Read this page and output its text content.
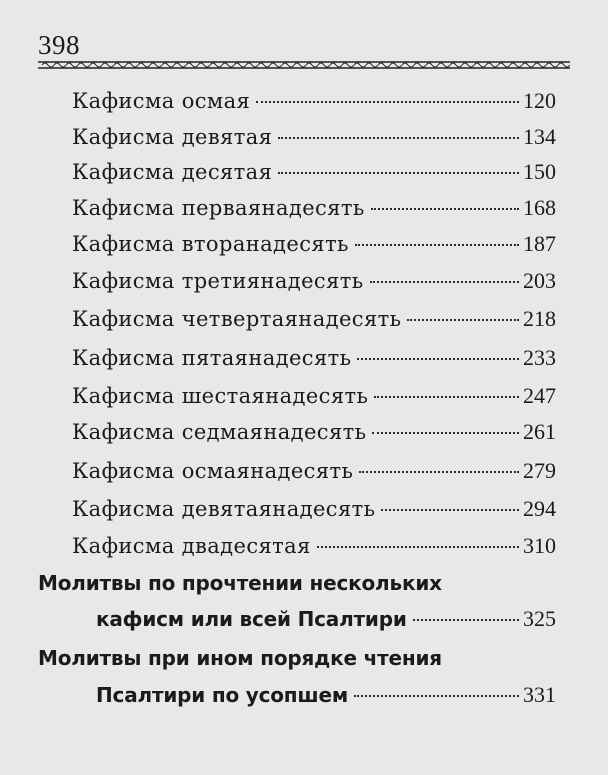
398
Кафисма осмая	120
Кафисма девятая	134
Кафисма десятая	150
Кафисма перваянадесять	168
Кафисма вторанадесять	187
Кафисма третиянадесять	203
Кафисма четвертаянадесять	218
Кафисма пятаянадесять	233
Кафисма шестаянадесять	247
Кафисма седмаянадесять	261
Кафисма осмаянадесять	279
Кафисма девятаянадесять	294
Кафисма двадесятая	310
Молитвы по прочтении нескольких
кафисм или всей Псалтири	325
Молитвы при ином порядке чтения
Псалтири по усопшем	331
